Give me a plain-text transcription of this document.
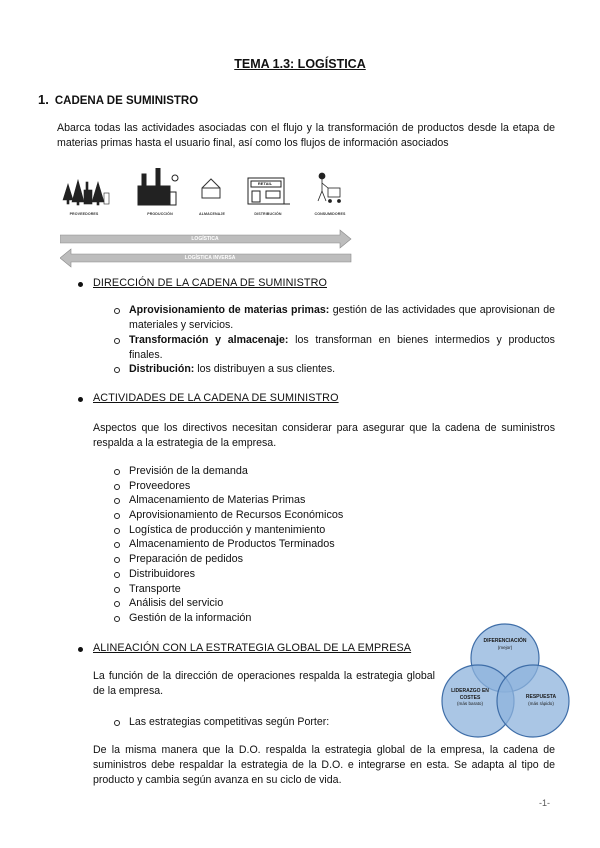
TEMA 1.3: LOGÍSTICA
1. CADENA DE SUMINISTRO
Abarca todas las actividades asociadas con el flujo y la transformación de productos desde la etapa de materias primas hasta el usuario final, así como los flujos de información asociados
PROVEEDORES	PRODUCCIÓN	ALMACENAJE	DISTRIBUCIÓN	CONSUMIDORES
RETAIL
LOGÍSTICA
LOGÍSTICA INVERSA
DIRECCIÓN DE LA CADENA DE SUMINISTRO
Aprovisionamiento de materias primas: gestión de las actividades que aprovisionan de materiales y servicios.
Transformación y almacenaje: los transforman en bienes intermedios y productos finales.
Distribución: los distribuyen a sus clientes.
ACTIVIDADES DE LA CADENA DE SUMINISTRO
Aspectos que los directivos necesitan considerar para asegurar que la cadena de suministros respalda a la estrategia de la empresa.
Previsión de la demanda
Proveedores
Almacenamiento de Materias Primas
Aprovisionamiento de Recursos Económicos
Logística de producción y mantenimiento
Almacenamiento de Productos Terminados
Preparación de pedidos
Distribuidores
Transporte
Análisis del servicio
Gestión de la información
ALINEACIÓN CON LA ESTRATEGIA GLOBAL DE LA EMPRESA
La función de la dirección de operaciones respalda la estrategia global de la empresa.
Las estrategias competitivas según Porter:
DIFERENCIACIÓN
(mejor)
LIDERAZGO EN COSTES
(más barato)
RESPUESTA
(más rápido)
De la misma manera que la D.O. respalda la estrategia global de la empresa, la cadena de suministros debe respaldar la estrategia de la D.O. e integrarse en esta. Se adapta al tipo de producto y cambia según avanza en su ciclo de vida.
-1-
